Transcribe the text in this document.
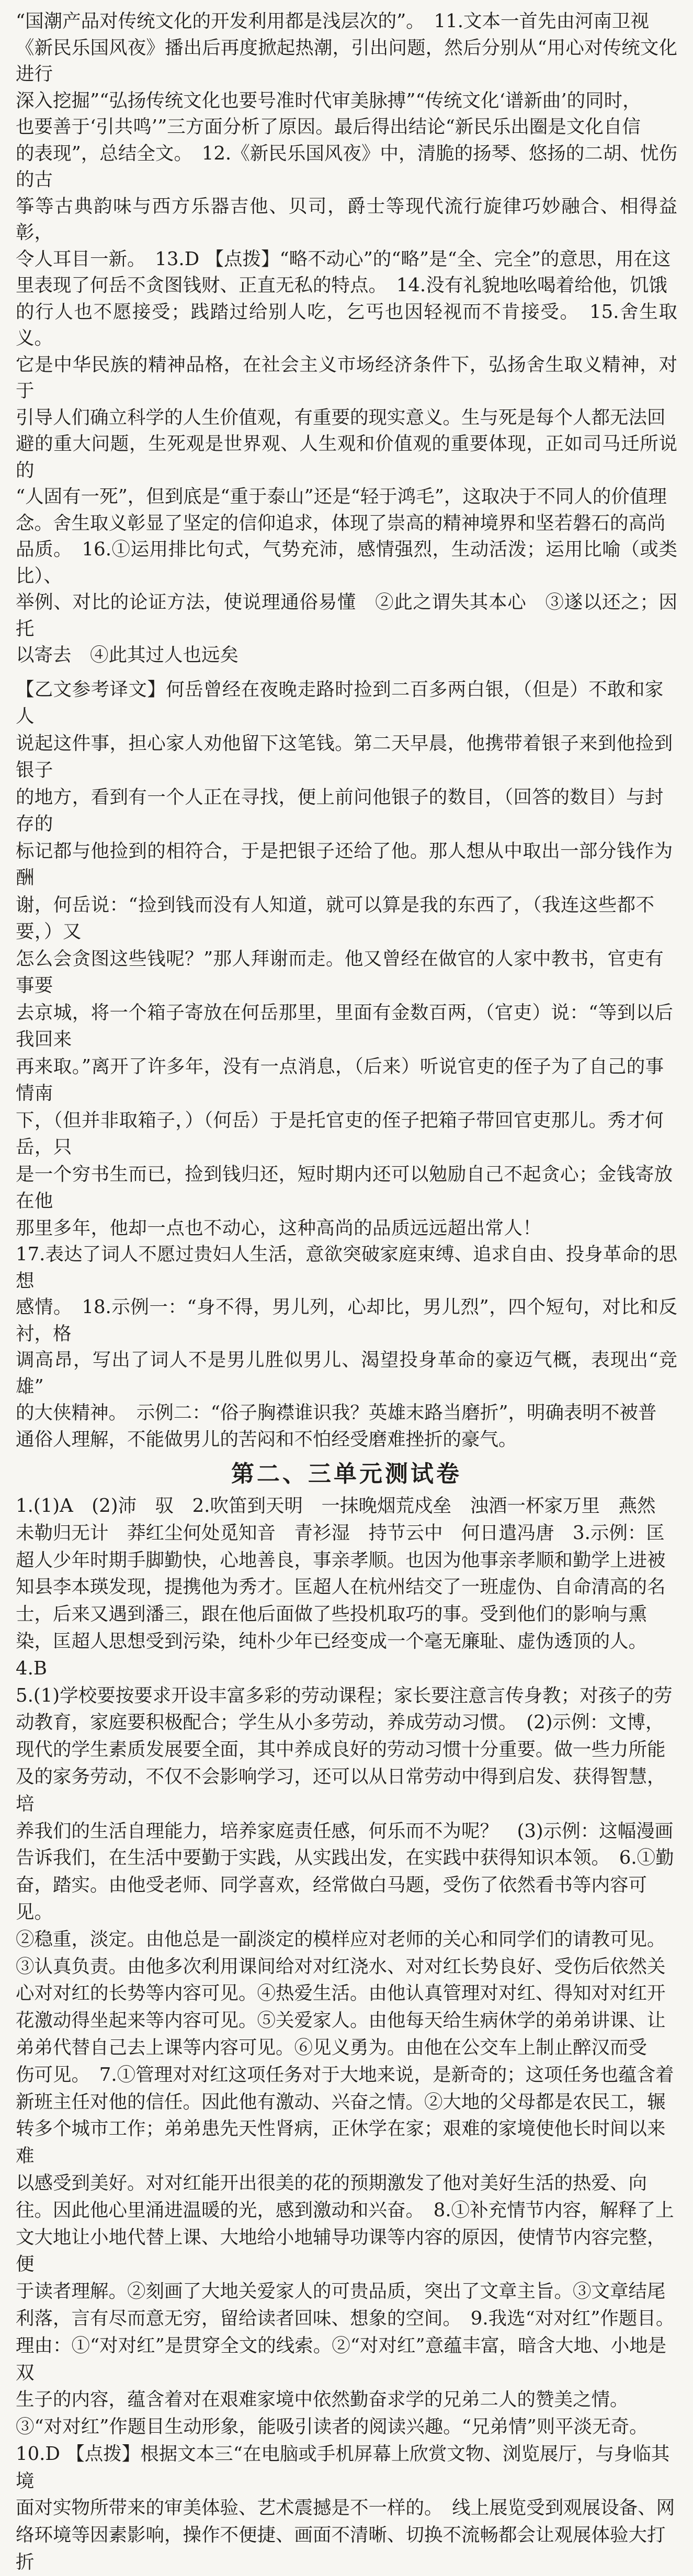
“国潮产品对传统文化的开发利用都是浅层次的”。　11.文本一首先由河南卫视

《新民乐国风夜》播出后再度掀起热潮，引出问题，然后分别从“用心对传统文化进行

深入挖掘”“弘扬传统文化也要号准时代审美脉搏”“传统文化‘谱新曲’的同时，

也要善于‘引共鸣’”三方面分析了原因。最后得出结论“新民乐出圈是文化自信

的表现”，总结全文。　12.《新民乐国风夜》中，清脆的扬琴、悠扬的二胡、忧伤的古

筝等古典韵味与西方乐器吉他、贝司，爵士等现代流行旋律巧妙融合、相得益彰，

令人耳目一新。　13.D 【点拨】“略不动心”的“略”是“全、完全”的意思，用在这

里表现了何岳不贪图钱财、正直无私的特点。　14.没有礼貌地吆喝着给他，饥饿

的行人也不愿接受；践踏过给别人吃，乞丐也因轻视而不肯接受。　15.舍生取义。

它是中华民族的精神品格，在社会主义市场经济条件下，弘扬舍生取义精神，对于

引导人们确立科学的人生价值观，有重要的现实意义。生与死是每个人都无法回

避的重大问题，生死观是世界观、人生观和价值观的重要体现，正如司马迁所说的

“人固有一死”，但到底是“重于泰山”还是“轻于鸿毛”，这取决于不同人的价值理

念。舍生取义彰显了坚定的信仰追求，体现了崇高的精神境界和坚若磐石的高尚

品质。　16.①运用排比句式，气势充沛，感情强烈，生动活泼；运用比喻（或类比）、

举例、对比的论证方法，使说理通俗易懂　②此之谓失其本心　③遂以还之；因托

以寄去　④此其过人也远矣

【乙文参考译文】何岳曾经在夜晚走路时捡到二百多两白银，（但是）不敢和家人

说起这件事，担心家人劝他留下这笔钱。第二天早晨，他携带着银子来到他捡到银子

的地方，看到有一个人正在寻找，便上前问他银子的数目，（回答的数目）与封存的

标记都与他捡到的相符合，于是把银子还给了他。那人想从中取出一部分钱作为酬

谢，何岳说：“捡到钱而没有人知道，就可以算是我的东西了，（我连这些都不要，）又

怎么会贪图这些钱呢？”那人拜谢而走。他又曾经在做官的人家中教书，官吏有事要

去京城，将一个箱子寄放在何岳那里，里面有金数百两，（官吏）说：“等到以后我回来

再来取。”离开了许多年，没有一点消息，（后来）听说官吏的侄子为了自己的事情南

下，（但并非取箱子，）（何岳）于是托官吏的侄子把箱子带回官吏那儿。秀才何岳，只

是一个穷书生而已，捡到钱归还，短时期内还可以勉励自己不起贪心；金钱寄放在他

那里多年，他却一点也不动心，这种高尚的品质远远超出常人！

17.表达了词人不愿过贵妇人生活，意欲突破家庭束缚、追求自由、投身革命的思想

感情。　18.示例一：“身不得，男儿列，心却比，男儿烈”，四个短句，对比和反衬，格

调高昂，写出了词人不是男儿胜似男儿、渴望投身革命的豪迈气概，表现出“竞雄”

的大侠精神。　示例二：“俗子胸襟谁识我？英雄末路当磨折”，明确表明不被普

通俗人理解，不能做男儿的苦闷和不怕经受磨难挫折的豪气。

第二、三单元测试卷

1.(1)A　(2)沛　驭　2.吹笛到天明　一抹晚烟荒戍垒　浊酒一杯家万里　燕然

未勒归无计　莽红尘何处觅知音　青衫湿　持节云中　何日遣冯唐　3.示例：匡

超人少年时期手脚勤快，心地善良，事亲孝顺。也因为他事亲孝顺和勤学上进被

知县李本瑛发现，提携他为秀才。匡超人在杭州结交了一班虚伪、自命清高的名

士，后来又遇到潘三，跟在他后面做了些投机取巧的事。受到他们的影响与熏

染，匡超人思想受到污染，纯朴少年已经变成一个毫无廉耻、虚伪透顶的人。　4.B

5.(1)学校要按要求开设丰富多彩的劳动课程；家长要注意言传身教；对孩子的劳

动教育，家庭要积极配合；学生从小多劳动，养成劳动习惯。　(2)示例：文博，

现代的学生素质发展要全面，其中养成良好的劳动习惯十分重要。做一些力所能

及的家务劳动，不仅不会影响学习，还可以从日常劳动中得到启发、获得智慧，培

养我们的生活自理能力，培养家庭责任感，何乐而不为呢？　(3)示例：这幅漫画

告诉我们，在生活中要勤于实践，从实践出发，在实践中获得知识本领。　6.①勤

奋，踏实。由他受老师、同学喜欢，经常做白马题，受伤了依然看书等内容可见。

②稳重，淡定。由他总是一副淡定的模样应对老师的关心和同学们的请教可见。

③认真负责。由他多次利用课间给对对红浇水、对对红长势良好、受伤后依然关

心对对红的长势等内容可见。④热爱生活。由他认真管理对对红、得知对对红开

花激动得坐起来等内容可见。⑤关爱家人。由他每天给生病休学的弟弟讲课、让

弟弟代替自己去上课等内容可见。⑥见义勇为。由他在公交车上制止醉汉而受

伤可见。　7.①管理对对红这项任务对于大地来说，是新奇的；这项任务也蕴含着

新班主任对他的信任。因此他有激动、兴奋之情。②大地的父母都是农民工，辗

转多个城市工作；弟弟患先天性肾病，正休学在家；艰难的家境使他长时间以来难

以感受到美好。对对红能开出很美的花的预期激发了他对美好生活的热爱、向

往。因此他心里涌进温暖的光，感到激动和兴奋。　8.①补充情节内容，解释了上

文大地让小地代替上课、大地给小地辅导功课等内容的原因，使情节内容完整，便

于读者理解。②刻画了大地关爱家人的可贵品质，突出了文章主旨。③文章结尾

利落，言有尽而意无穷，留给读者回味、想象的空间。　9.我选“对对红”作题目。

理由：①“对对红”是贯穿全文的线索。②“对对红”意蕴丰富，暗含大地、小地是双

生子的内容，蕴含着对在艰难家境中依然勤奋求学的兄弟二人的赞美之情。

③“对对红”作题目生动形象，能吸引读者的阅读兴趣。“兄弟情”则平淡无奇。

10.D 【点拨】根据文本三“在电脑或手机屏幕上欣赏文物、浏览展厅，与身临其境

面对实物所带来的审美体验、艺术震撼是不一样的。　线上展览受到观展设备、网

络环境等因素影响，操作不便捷、画面不清晰、切换不流畅都会让观展体验大打折
